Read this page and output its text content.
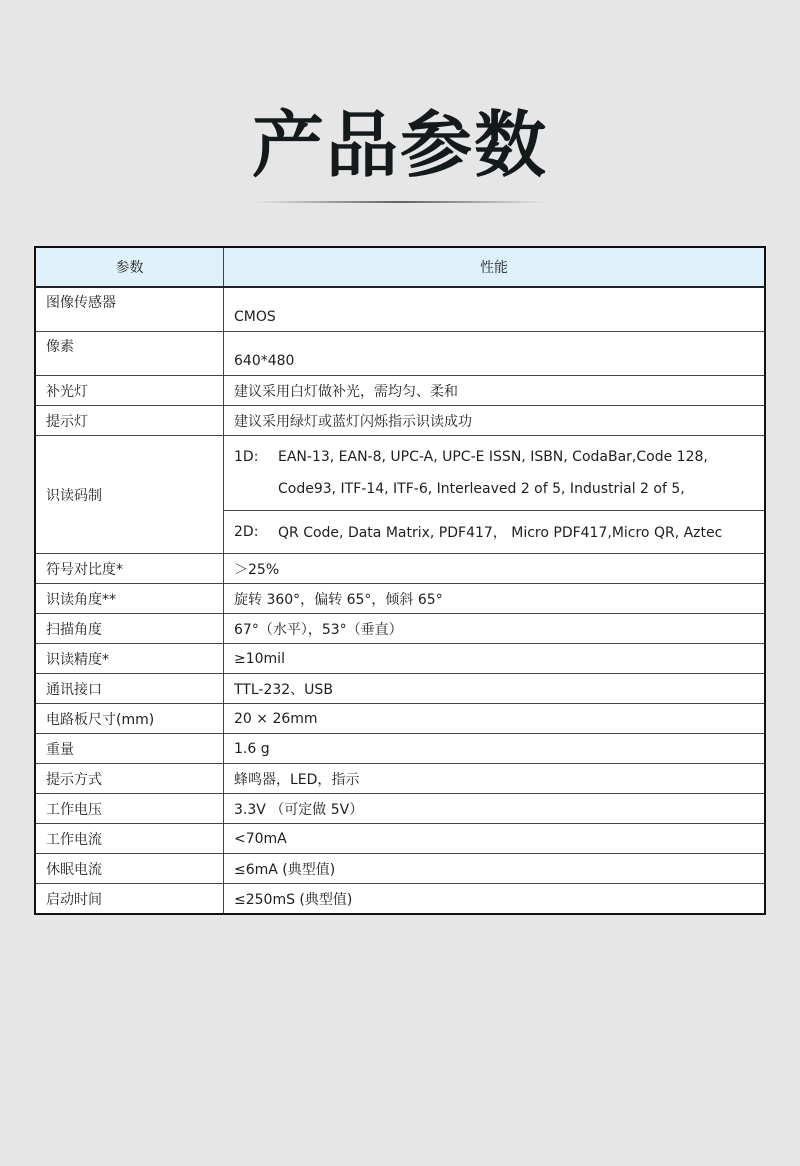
产品参数
参数	性能
图像传感器	CMOS
像素	640*480
补光灯	建议采用白灯做补光，需均匀、柔和
提示灯	建议采用绿灯或蓝灯闪烁指示识读成功
识读码制	1D: EAN-13, EAN-8, UPC-A, UPC-E ISSN, ISBN, CodaBar,Code 128,
Code93, ITF-14, ITF-6, Interleaved 2 of 5, Industrial 2 of 5,

	2D: QR Code, Data Matrix, PDF417， Micro PDF417,Micro QR, Aztec

符号对比度*	＞25%
识读角度**	旋转 360°，偏转 65°，倾斜 65°
扫描角度	67°（水平），53°（垂直）
识读精度*	≥10mil
通讯接口	TTL-232、USB
电路板尺寸(mm)	20 × 26mm
重量	1.6 g
提示方式	蜂鸣器，LED，指示
工作电压	3.3V （可定做 5V）
工作电流	<70mA
休眠电流	≤6mA (典型值)
启动时间	≤250mS (典型值)
